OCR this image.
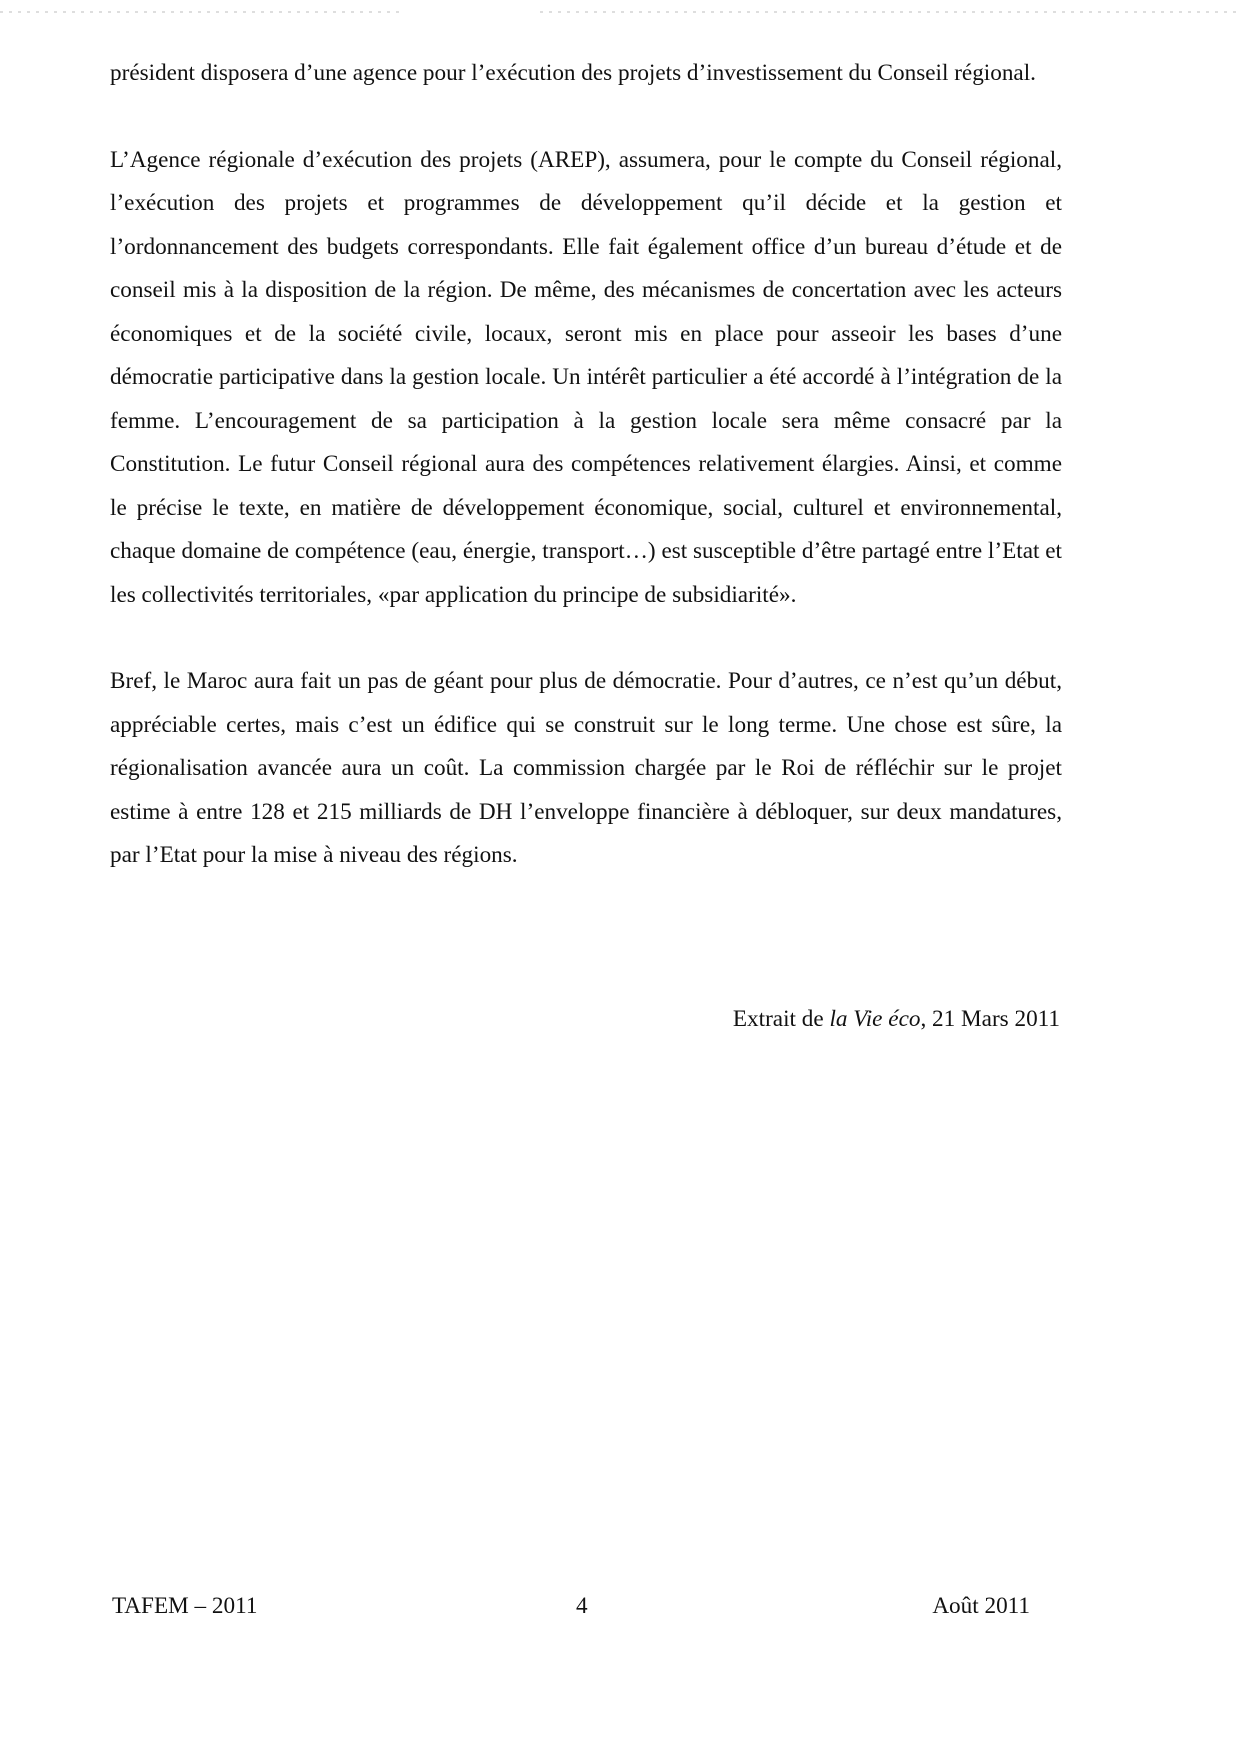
président disposera d’une agence pour l’exécution des projets d’investissement du Conseil régional.

L’Agence régionale d’exécution des projets (AREP), assumera, pour le compte du Conseil régional, l’exécution des projets et programmes de développement qu’il décide et la gestion et l’ordonnancement des budgets correspondants. Elle fait également office d’un bureau d’étude et de conseil mis à la disposition de la région. De même, des mécanismes de concertation avec les acteurs économiques et de la société civile, locaux, seront mis en place pour asseoir les bases d’une démocratie participative dans la gestion locale. Un intérêt particulier a été accordé à l’intégration de la femme. L’encouragement de sa participation à la gestion locale sera même consacré par la Constitution. Le futur Conseil régional aura des compétences relativement élargies. Ainsi, et comme le précise le texte, en matière de développement économique, social, culturel et environnemental, chaque domaine de compétence (eau, énergie, transport…) est susceptible d’être partagé entre l’Etat et les collectivités territoriales, «par application du principe de subsidiarité».

Bref, le Maroc aura fait un pas de géant pour plus de démocratie. Pour d’autres, ce n’est qu’un début, appréciable certes, mais c’est un édifice qui se construit sur le long terme. Une chose est sûre, la régionalisation avancée aura un coût. La commission chargée par le Roi de réfléchir sur le projet estime à entre 128 et 215 milliards de DH l’enveloppe financière à débloquer, sur deux mandatures, par l’Etat pour la mise à niveau des régions.

Extrait de la Vie éco, 21 Mars 2011
TAFEM – 2011	4	Août 2011
